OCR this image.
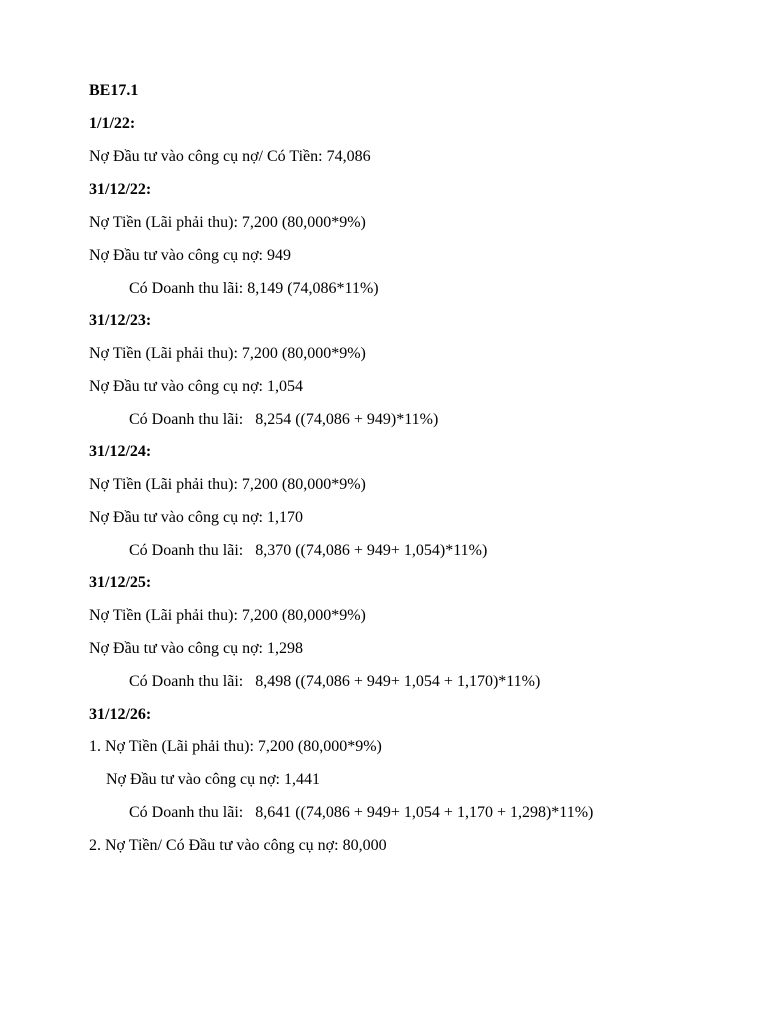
BE17.1
1/1/22:
Nợ Đầu tư vào công cụ nợ/ Có Tiền: 74,086
31/12/22:
Nợ Tiền (Lãi phải thu): 7,200 (80,000*9%)
Nợ Đầu tư vào công cụ nợ: 949
Có Doanh thu lãi: 8,149 (74,086*11%)
31/12/23:
Nợ Tiền (Lãi phải thu): 7,200 (80,000*9%)
Nợ Đầu tư vào công cụ nợ: 1,054
Có Doanh thu lãi:   8,254 ((74,086 + 949)*11%)
31/12/24:
Nợ Tiền (Lãi phải thu): 7,200 (80,000*9%)
Nợ Đầu tư vào công cụ nợ: 1,170
Có Doanh thu lãi:   8,370 ((74,086 + 949+ 1,054)*11%)
31/12/25:
Nợ Tiền (Lãi phải thu): 7,200 (80,000*9%)
Nợ Đầu tư vào công cụ nợ: 1,298
Có Doanh thu lãi:   8,498 ((74,086 + 949+ 1,054 + 1,170)*11%)
31/12/26:
1. Nợ Tiền (Lãi phải thu): 7,200 (80,000*9%)
Nợ Đầu tư vào công cụ nợ: 1,441
Có Doanh thu lãi:   8,641 ((74,086 + 949+ 1,054 + 1,170 + 1,298)*11%)
2. Nợ Tiền/ Có Đầu tư vào công cụ nợ: 80,000
